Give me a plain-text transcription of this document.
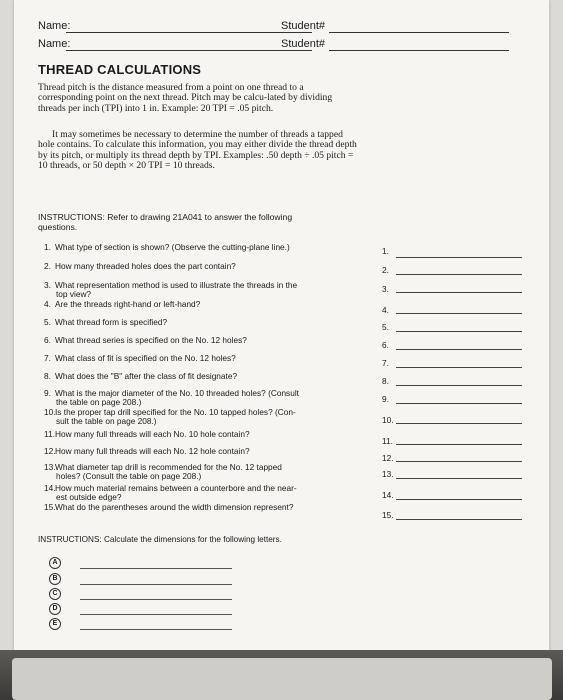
Name:	Student#
Name:	Student#
THREAD CALCULATIONS
Thread pitch is the distance measured from a point on one thread to a corresponding point on the next thread. Pitch may be calcu-lated by dividing threads per inch (TPI) into 1 in. Example: 20 TPI = .05 pitch.
It may sometimes be necessary to determine the number of threads a tapped hole contains. To calculate this information, you may either divide the thread depth by its pitch, or multiply its thread depth by TPI. Examples: .50 depth ÷ .05 pitch = 10 threads, or 50 depth × 20 TPI = 10 threads.
INSTRUCTIONS: Refer to drawing 21A041 to answer the following
questions.
1. What type of section is shown? (Observe the cutting-plane line.)
2. How many threaded holes does the part contain?
3. What representation method is used to illustrate the threads in the
top view?
4. Are the threads right-hand or left-hand?
5. What thread form is specified?
6. What thread series is specified on the No. 12 holes?
7. What class of fit is specified on the No. 12 holes?
8. What does the "B" after the class of fit designate?
9. What is the major diameter of the No. 10 threaded holes? (Consult
the table on page 208.)
10.Is the proper tap drill specified for the No. 10 tapped holes? (Con-
sult the table on page 208.)
11.How many full threads will each No. 10 hole contain?
12.How many full threads will each No. 12 hole contain?
13.What diameter tap drill is recommended for the No. 12 tapped
holes? (Consult the table on page 208.)
14.How much material remains between a counterbore and the near-
est outside edge?
15.What do the parentheses around the width dimension represent?
1.
2.
3.
4.
5.
6.
7.
8.
9.
10.
11.
12.
13.
14.
15.
INSTRUCTIONS: Calculate the dimensions for the following letters.
A
B
C
D
E
